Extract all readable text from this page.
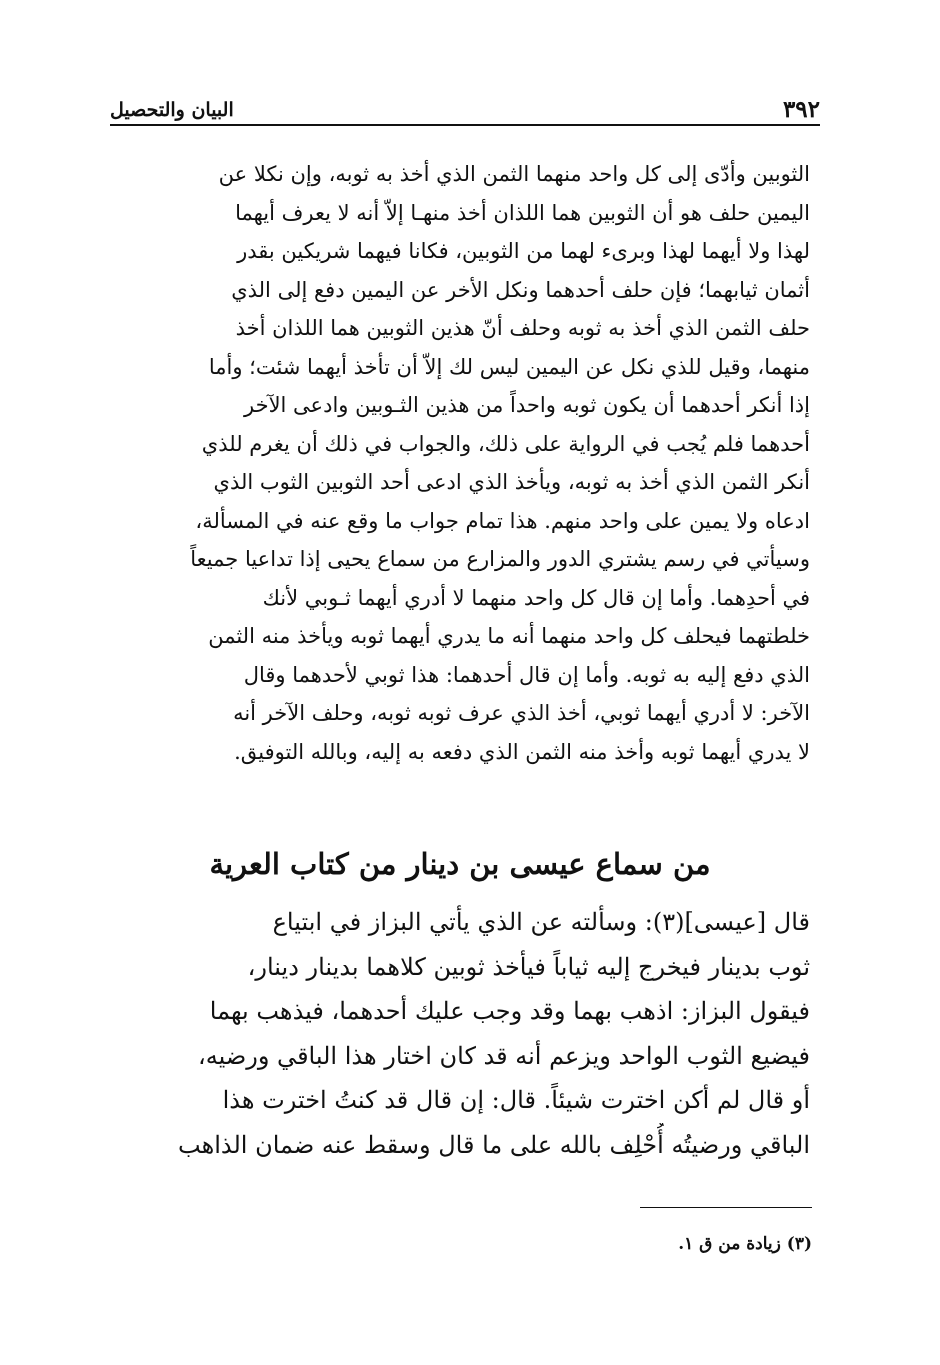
٣٩٢
البيان والتحصيل
الثوبين وأدّى إلى كل واحد منهما الثمن الذي أخذ به ثوبه، وإن نكلا عن
اليمين حلف هو أن الثوبين هما اللذان أخذ منهـا إلاّ أنه لا يعرف أيهما
لهذا ولا أيهما لهذا وبرىء لهما من الثوبين، فكانا فيهما شريكين بقدر
أثمان ثيابهما؛ فإن حلف أحدهما ونكل الأخر عن اليمين دفع إلى الذي
حلف الثمن الذي أخذ به ثوبه وحلف أنّ هذين الثوبين هما اللذان أخذ
منهما، وقيل للذي نكل عن اليمين ليس لك إلاّ أن تأخذ أيهما شئت؛ وأما
إذا أنكر أحدهما أن يكون ثوبه واحداً من هذين الثـوبين وادعى الآخر
أحدهما فلم يُجب في الرواية على ذلك، والجواب في ذلك أن يغرم للذي
أنكر الثمن الذي أخذ به ثوبه، ويأخذ الذي ادعى أحد الثوبين الثوب الذي
ادعاه ولا يمين على واحد منهم. هذا تمام جواب ما وقع عنه في المسألة،
وسيأتي في رسم يشتري الدور والمزارع من سماع يحيى إذا تداعيا جميعاً
في أحدِهما. وأما إن قال كل واحد منهما لا أدري أيهما ثـوبي لأنك
خلطتهما فيحلف كل واحد منهما أنه ما يدري أيهما ثوبه ويأخذ منه الثمن
الذي دفع إليه به ثوبه. وأما إن قال أحدهما: هذا ثوبي لأحدهما وقال
الآخر: لا أدري أيهما ثوبي، أخذ الذي عرف ثوبه ثوبه، وحلف الآخر أنه
لا يدري أيهما ثوبه وأخذ منه الثمن الذي دفعه به إليه، وبالله التوفيق.
من سماع عيسى بن دينار من كتاب العرية
قال [عيسى](٣): وسألته عن الذي يأتي البزاز في ابتياع
ثوب بدينار فيخرج إليه ثياباً فيأخذ ثوبين كلاهما بدينار دينار،
فيقول البزاز: اذهب بهما وقد وجب عليك أحدهما، فيذهب بهما
فيضيع الثوب الواحد ويزعم أنه قد كان اختار هذا الباقي ورضيه،
أو قال لم أكن اخترت شيئاً. قال: إن قال قد كنتُ اخترت هذا
الباقي ورضيتُه أُحْلِف بالله على ما قال وسقط عنه ضمان الذاهب
(٣) زيادة من ق ١.
